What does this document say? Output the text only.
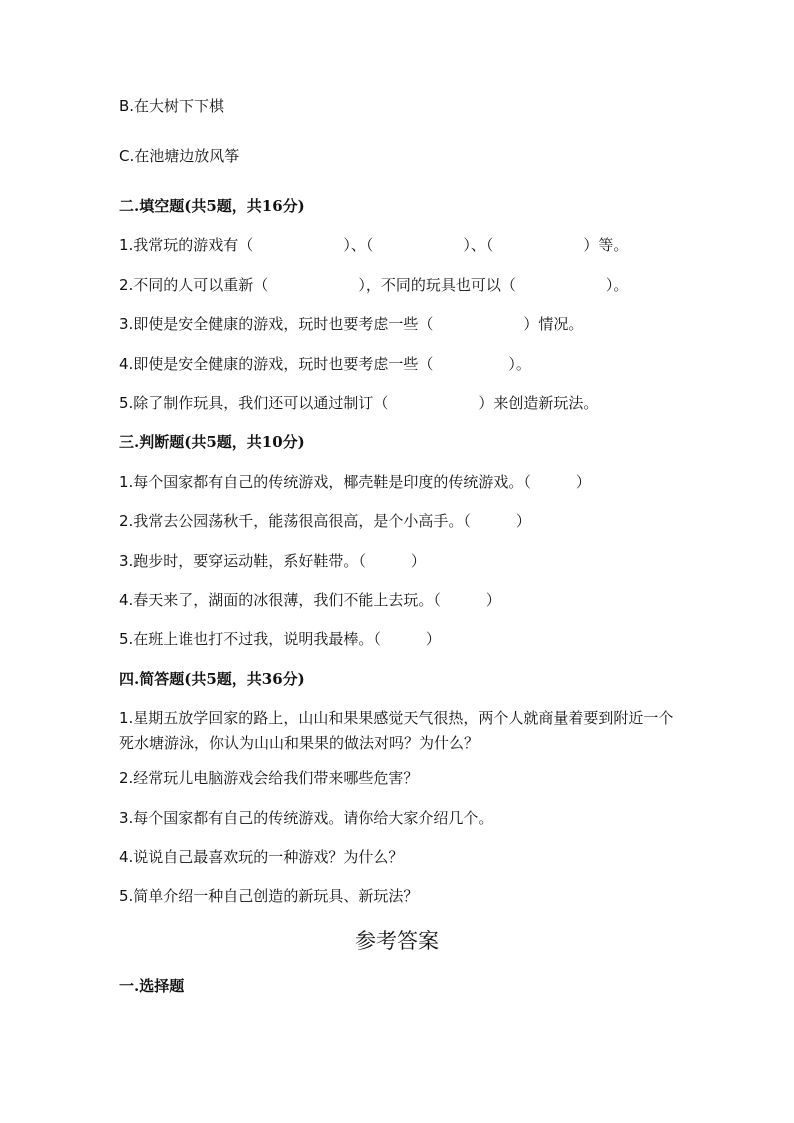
B.在大树下下棋
C.在池塘边放风筝
二.填空题(共5题，共16分)
1.我常玩的游戏有（　　　　　　）、（　　　　　　）、（　　　　　　）等。
2.不同的人可以重新（　　　　　　），不同的玩具也可以（　　　　　　）。
3.即使是安全健康的游戏，玩时也要考虑一些（　　　　　　）情况。
4.即使是安全健康的游戏，玩时也要考虑一些（　　　　　）。
5.除了制作玩具，我们还可以通过制订（　　　　　　）来创造新玩法。
三.判断题(共5题，共10分)
1.每个国家都有自己的传统游戏，椰壳鞋是印度的传统游戏。（　　　）
2.我常去公园荡秋千，能荡很高很高，是个小高手。（　　　）
3.跑步时，要穿运动鞋，系好鞋带。（　　　）
4.春天来了，湖面的冰很薄，我们不能上去玩。（　　　）
5.在班上谁也打不过我，说明我最棒。（　　　）
四.简答题(共5题，共36分)
1.星期五放学回家的路上，山山和果果感觉天气很热，两个人就商量着要到附近一个死水塘游泳，你认为山山和果果的做法对吗？为什么？
2.经常玩儿电脑游戏会给我们带来哪些危害？
3.每个国家都有自己的传统游戏。请你给大家介绍几个。
4.说说自己最喜欢玩的一种游戏？为什么？
5.简单介绍一种自己创造的新玩具、新玩法？
参考答案
一.选择题
